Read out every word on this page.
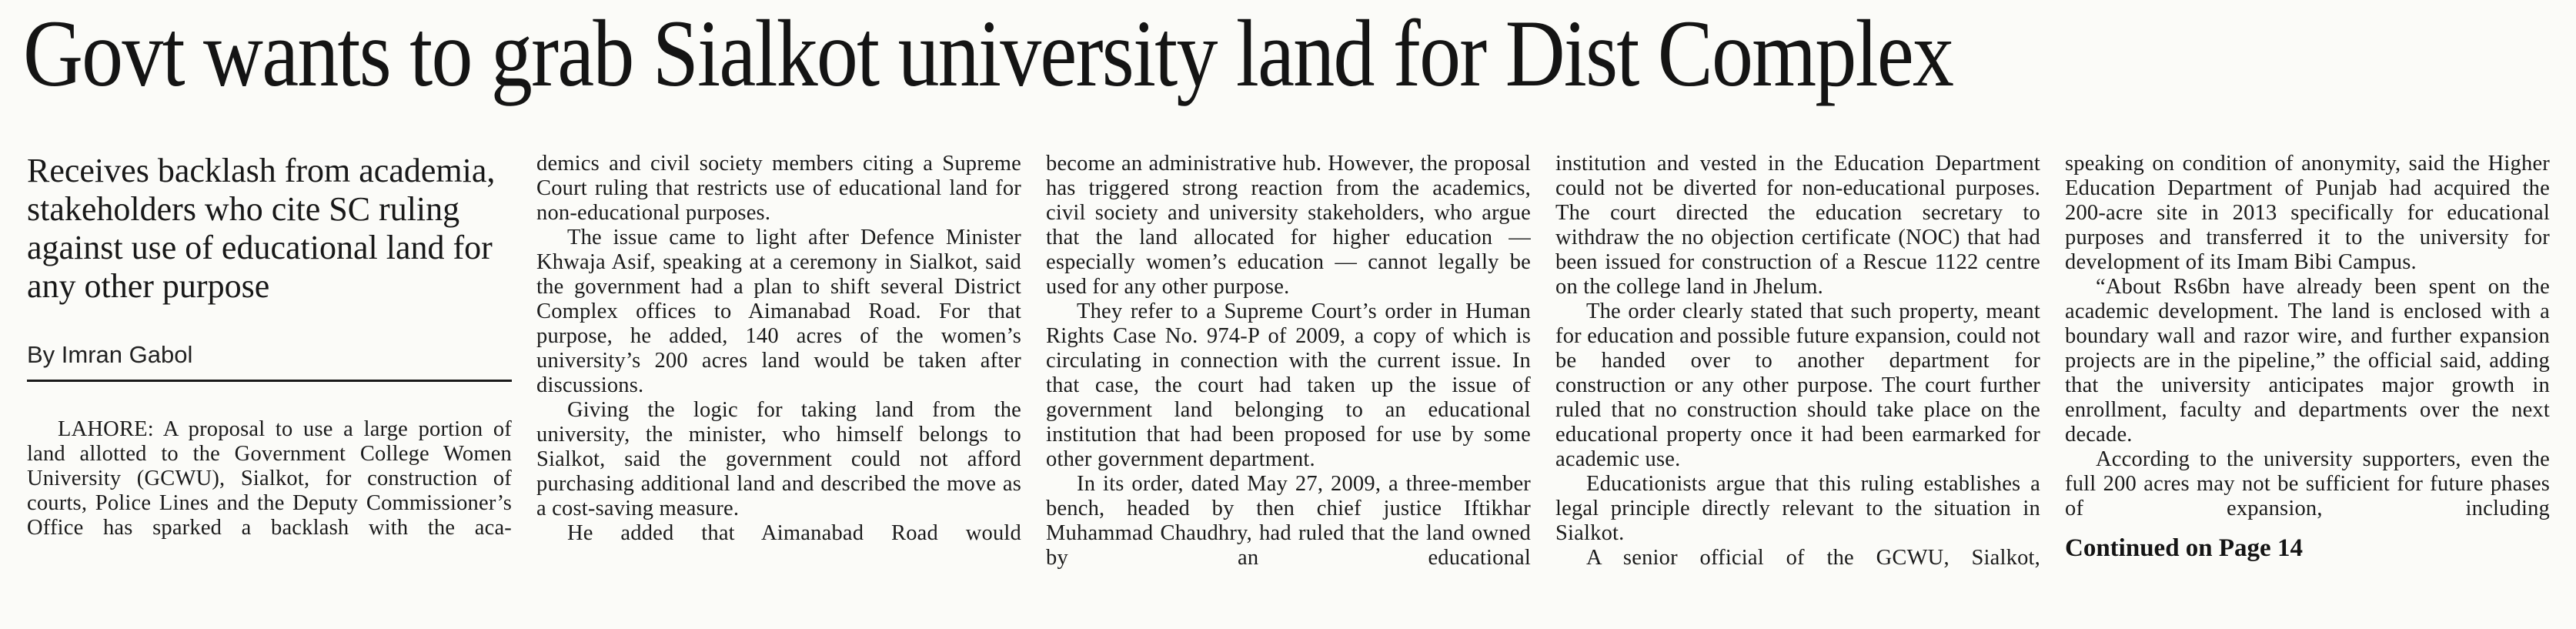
Govt wants to grab Sialkot university land for Dist Complex

Receives backlash from academia, stakeholders who cite SC ruling against use of educational land for any other purpose

By Imran Gabol

LAHORE: A proposal to use a large portion of land allotted to the Government College Women University (GCWU), Sialkot, for construction of courts, Police Lines and the Deputy Commissioner’s Office has sparked a backlash with the aca-

demics and civil society members citing a Supreme Court ruling that restricts use of educational land for non-educational purposes.

The issue came to light after Defence Minister Khwaja Asif, speaking at a ceremony in Sialkot, said the government had a plan to shift several District Complex offices to Aimanabad Road. For that purpose, he added, 140 acres of the women’s university’s 200 acres land would be taken after discussions.

Giving the logic for taking land from the university, the minister, who himself belongs to Sialkot, said the government could not afford purchasing additional land and described the move as a cost-saving measure.

He added that Aimanabad Road would

become an administrative hub. However, the proposal has triggered strong reaction from the academics, civil society and university stakeholders, who argue that the land allocated for higher education — especially women’s education — cannot legally be used for any other purpose.

They refer to a Supreme Court’s order in Human Rights Case No. 974-P of 2009, a copy of which is circulating in connection with the current issue. In that case, the court had taken up the issue of government land belonging to an educational institution that had been proposed for use by some other government department.

In its order, dated May 27, 2009, a three-member bench, headed by then chief justice Iftikhar Muhammad Chaudhry, had ruled that the land owned by an educational

institution and vested in the Education Department could not be diverted for non-educational purposes. The court directed the education secretary to withdraw the no objection certificate (NOC) that had been issued for construction of a Rescue 1122 centre on the college land in Jhelum.

The order clearly stated that such property, meant for education and possible future expansion, could not be handed over to another department for construction or any other purpose. The court further ruled that no construction should take place on the educational property once it had been earmarked for academic use.

Educationists argue that this ruling establishes a legal principle directly relevant to the situation in Sialkot.

A senior official of the GCWU, Sialkot,

speaking on condition of anonymity, said the Higher Education Department of Punjab had acquired the 200-acre site in 2013 specifically for educational purposes and transferred it to the university for development of its Imam Bibi Campus.

“About Rs6bn have already been spent on the academic development. The land is enclosed with a boundary wall and razor wire, and further expansion projects are in the pipeline,” the official said, adding that the university anticipates major growth in enrollment, faculty and departments over the next decade.

According to the university supporters, even the full 200 acres may not be sufficient for future phases of expansion, including

Continued on Page 14
